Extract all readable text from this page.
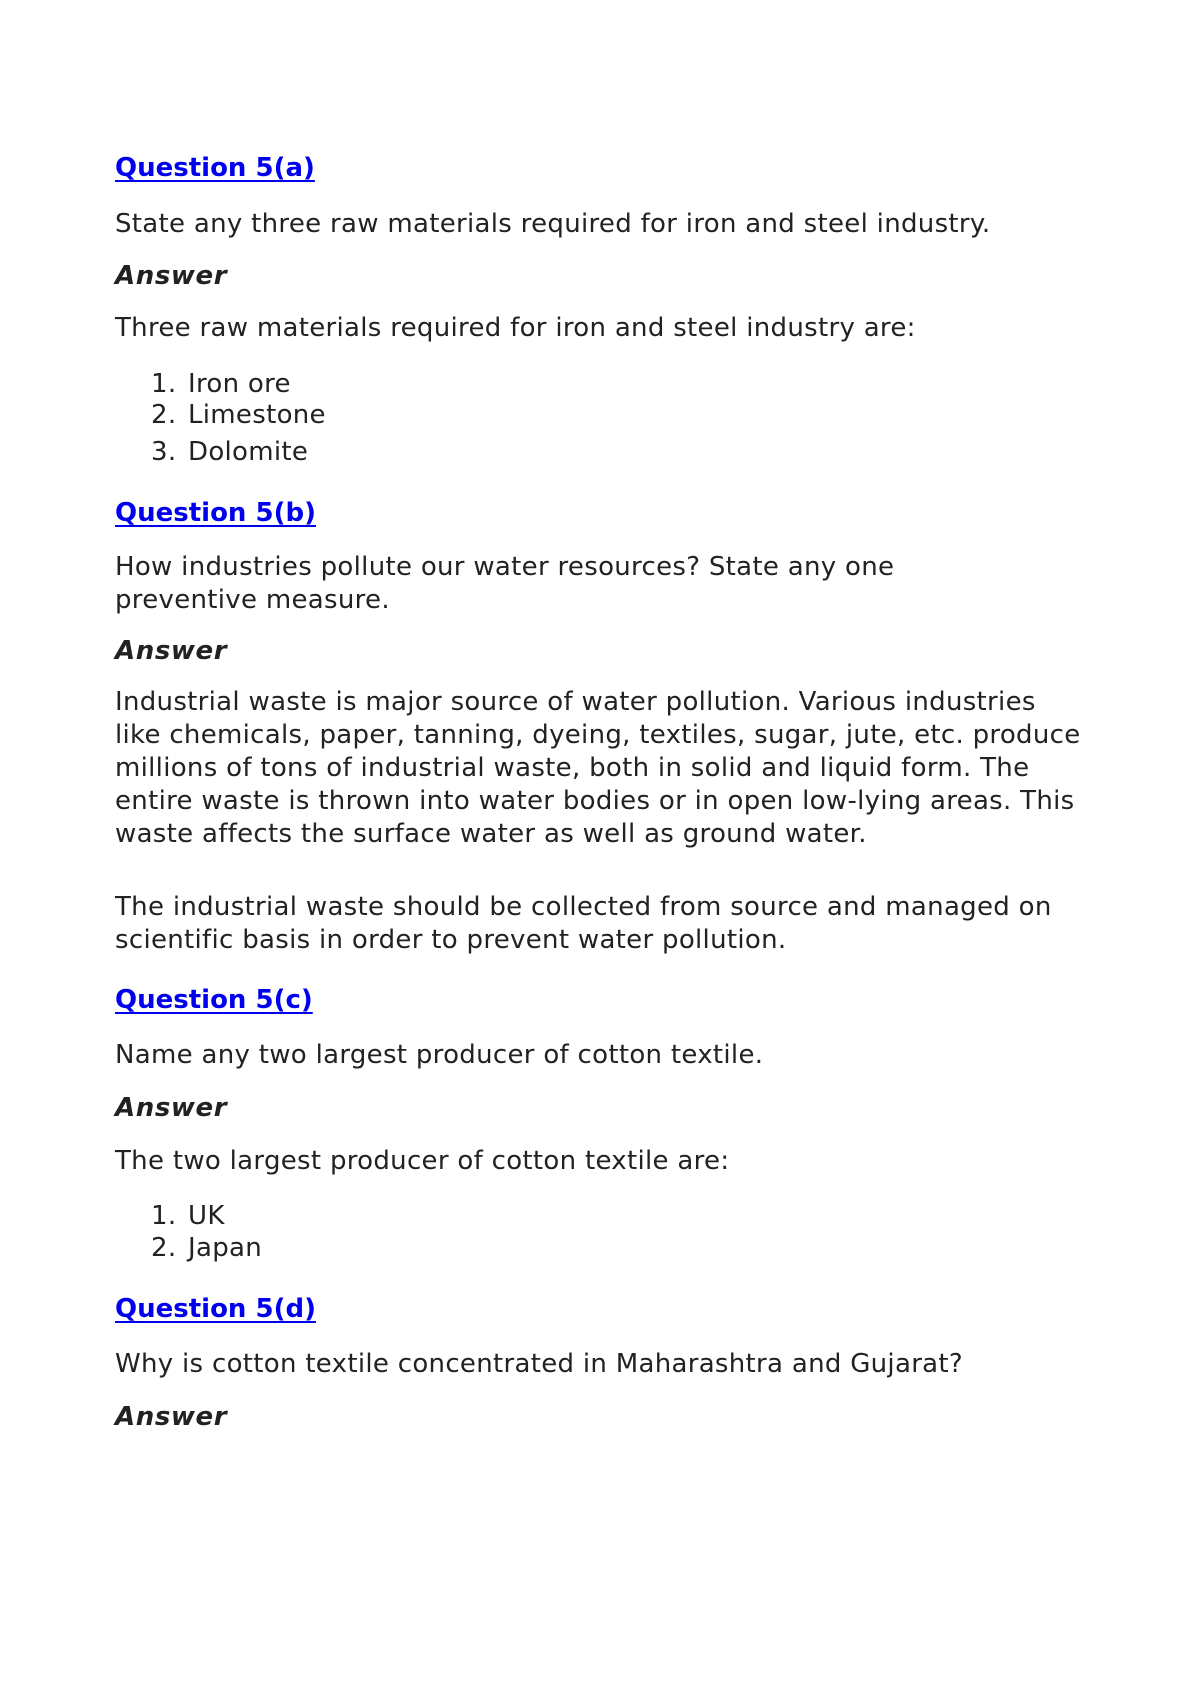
Question 5(a)

State any three raw materials required for iron and steel industry.

Answer

Three raw materials required for iron and steel industry are:

1. Iron ore
2. Limestone
3. Dolomite
Question 5(b)

How industries pollute our water resources? State any one preventive measure.

Answer

Industrial waste is major source of water pollution. Various industries like chemicals, paper, tanning, dyeing, textiles, sugar, jute, etc. produce millions of tons of industrial waste, both in solid and liquid form. The entire waste is thrown into water bodies or in open low-lying areas. This waste affects the surface water as well as ground water.

The industrial waste should be collected from source and managed on scientific basis in order to prevent water pollution.

Question 5(c)

Name any two largest producer of cotton textile.

Answer

The two largest producer of cotton textile are:

1. UK
2. Japan
Question 5(d)

Why is cotton textile concentrated in Maharashtra and Gujarat?

Answer
